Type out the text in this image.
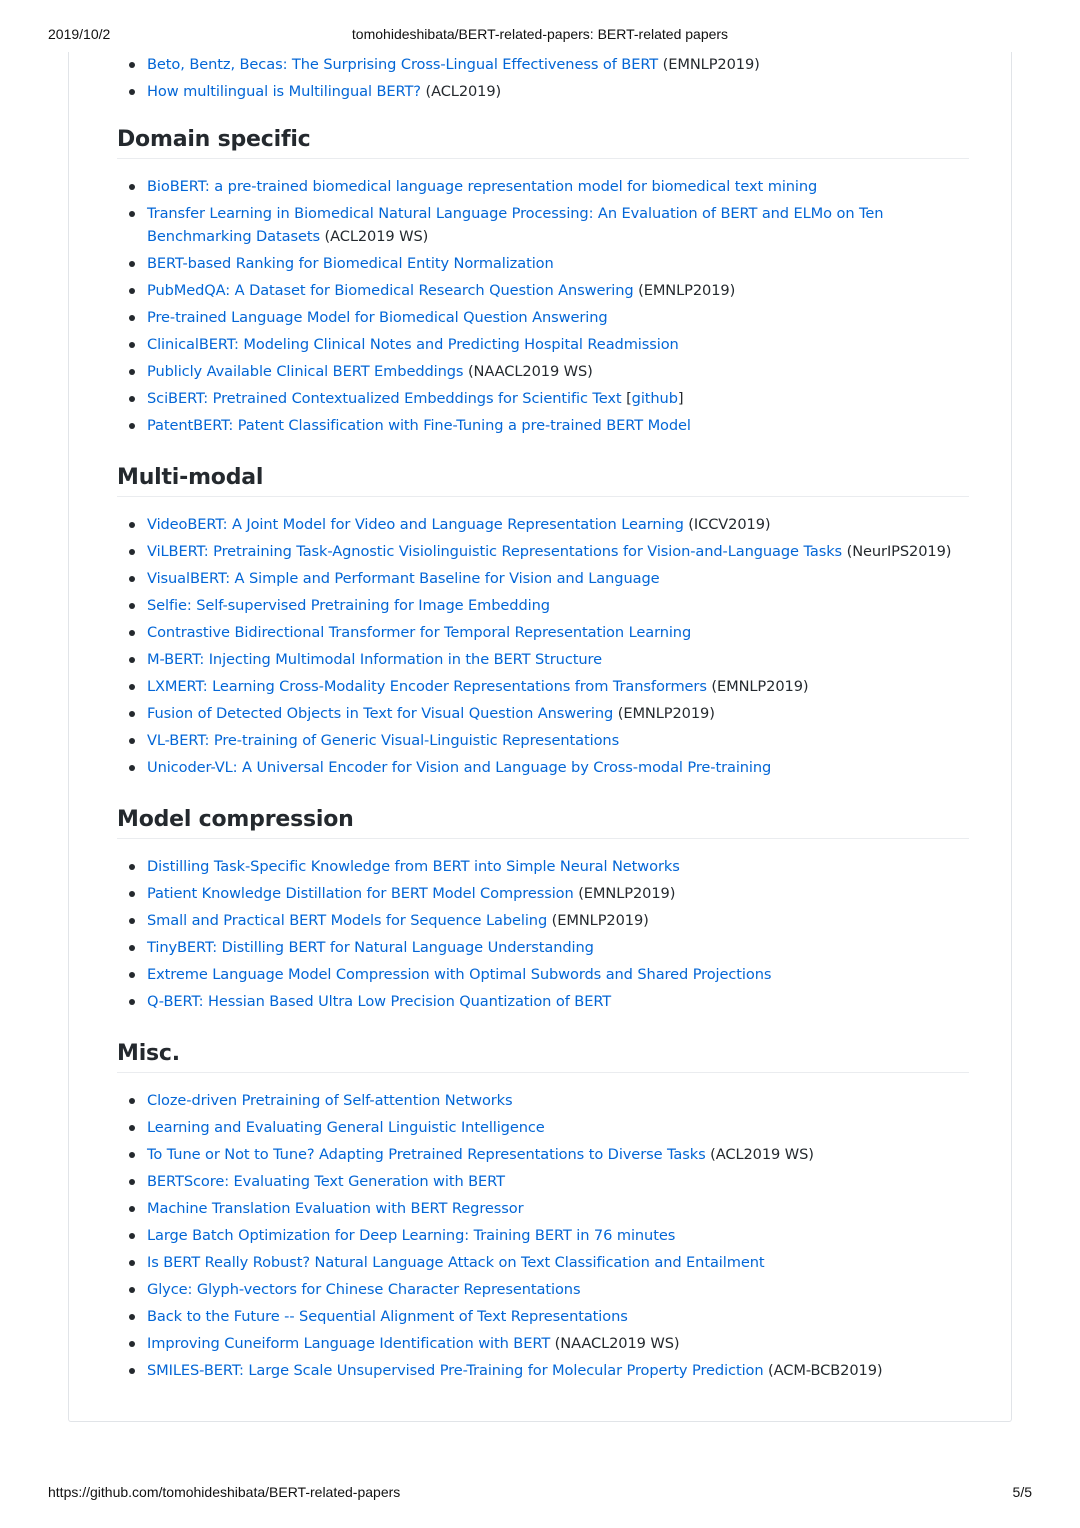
2019/10/2	tomohideshibata/BERT-related-papers: BERT-related papers
Beto, Bentz, Becas: The Surprising Cross-Lingual Effectiveness of BERT (EMNLP2019)
How multilingual is Multilingual BERT? (ACL2019)
Domain specific
BioBERT: a pre-trained biomedical language representation model for biomedical text mining
Transfer Learning in Biomedical Natural Language Processing: An Evaluation of BERT and ELMo on Ten Benchmarking Datasets (ACL2019 WS)
BERT-based Ranking for Biomedical Entity Normalization
PubMedQA: A Dataset for Biomedical Research Question Answering (EMNLP2019)
Pre-trained Language Model for Biomedical Question Answering
ClinicalBERT: Modeling Clinical Notes and Predicting Hospital Readmission
Publicly Available Clinical BERT Embeddings (NAACL2019 WS)
SciBERT: Pretrained Contextualized Embeddings for Scientific Text [github]
PatentBERT: Patent Classification with Fine-Tuning a pre-trained BERT Model
Multi-modal
VideoBERT: A Joint Model for Video and Language Representation Learning (ICCV2019)
ViLBERT: Pretraining Task-Agnostic Visiolinguistic Representations for Vision-and-Language Tasks (NeurIPS2019)
VisualBERT: A Simple and Performant Baseline for Vision and Language
Selfie: Self-supervised Pretraining for Image Embedding
Contrastive Bidirectional Transformer for Temporal Representation Learning
M-BERT: Injecting Multimodal Information in the BERT Structure
LXMERT: Learning Cross-Modality Encoder Representations from Transformers (EMNLP2019)
Fusion of Detected Objects in Text for Visual Question Answering (EMNLP2019)
VL-BERT: Pre-training of Generic Visual-Linguistic Representations
Unicoder-VL: A Universal Encoder for Vision and Language by Cross-modal Pre-training
Model compression
Distilling Task-Specific Knowledge from BERT into Simple Neural Networks
Patient Knowledge Distillation for BERT Model Compression (EMNLP2019)
Small and Practical BERT Models for Sequence Labeling (EMNLP2019)
TinyBERT: Distilling BERT for Natural Language Understanding
Extreme Language Model Compression with Optimal Subwords and Shared Projections
Q-BERT: Hessian Based Ultra Low Precision Quantization of BERT
Misc.
Cloze-driven Pretraining of Self-attention Networks
Learning and Evaluating General Linguistic Intelligence
To Tune or Not to Tune? Adapting Pretrained Representations to Diverse Tasks (ACL2019 WS)
BERTScore: Evaluating Text Generation with BERT
Machine Translation Evaluation with BERT Regressor
Large Batch Optimization for Deep Learning: Training BERT in 76 minutes
Is BERT Really Robust? Natural Language Attack on Text Classification and Entailment
Glyce: Glyph-vectors for Chinese Character Representations
Back to the Future -- Sequential Alignment of Text Representations
Improving Cuneiform Language Identification with BERT (NAACL2019 WS)
SMILES-BERT: Large Scale Unsupervised Pre-Training for Molecular Property Prediction (ACM-BCB2019)
https://github.com/tomohideshibata/BERT-related-papers	5/5
